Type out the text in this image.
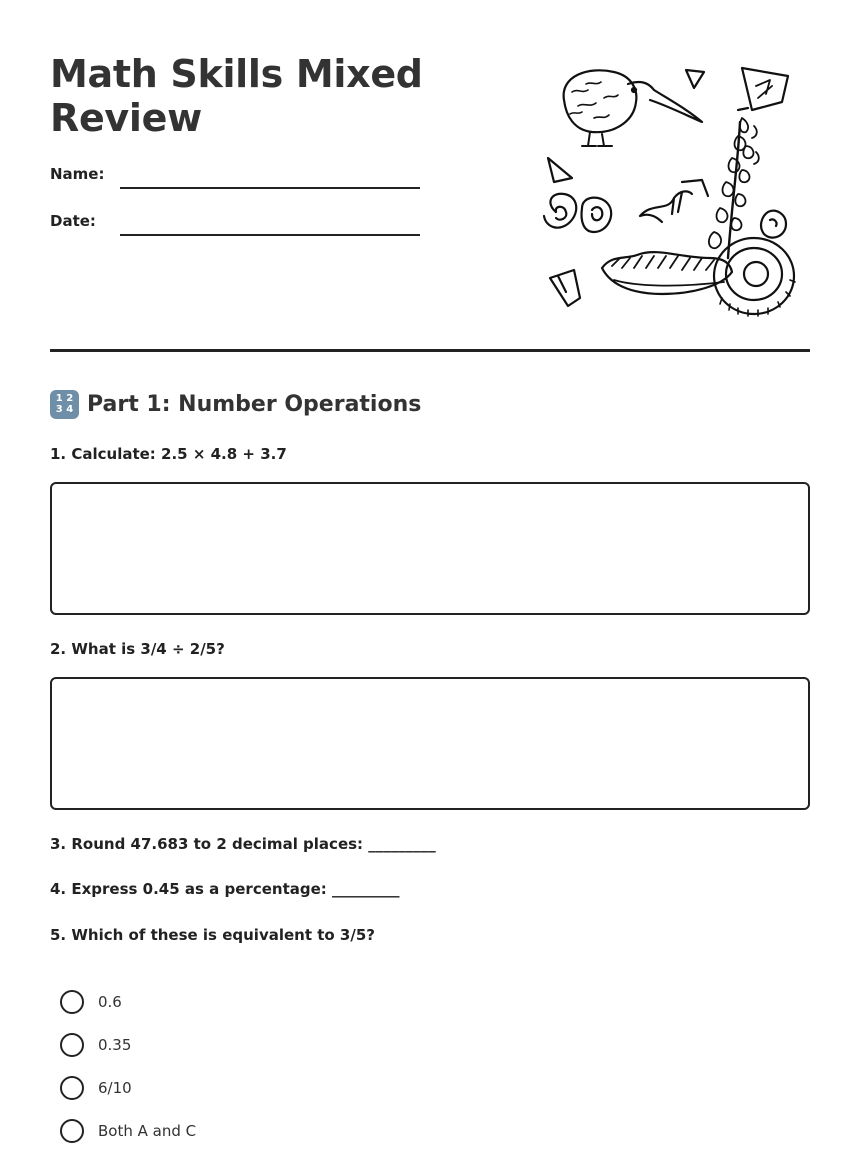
Math Skills Mixed Review
Name:
Date:
1 2
3 4 Part 1: Number Operations
1. Calculate: 2.5 × 4.8 + 3.7
2. What is 3/4 ÷ 2/5?
3. Round 47.683 to 2 decimal places: _________
4. Express 0.45 as a percentage: _________
5. Which of these is equivalent to 3/5?
0.6
0.35
6/10
Both A and C
